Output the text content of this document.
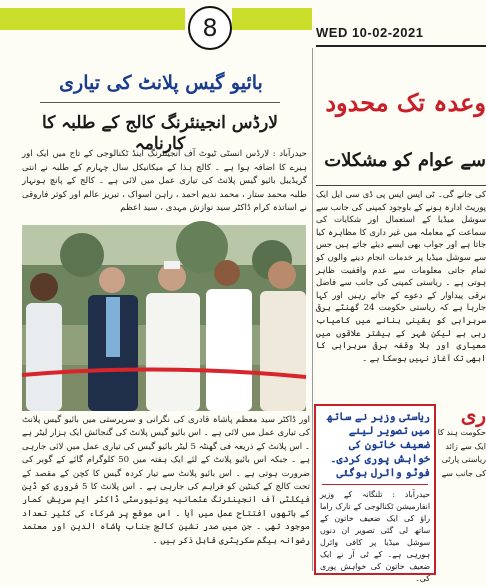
8	WED 10-02-2021
بائیو گیس پلانٹ کی تیاری
لارڈس انجینئرنگ کالج کے طلبہ کا کارنامہ
حیدرآباد : لارڈس انسٹی ٹیوٹ آف انجینئرنگ اینڈ ٹکنالوجی کے تاج میں ایک اور ہیرے کا اضافہ ہوا ہے ۔ کالج ہذا کے میکانیکل سال چہارم کے طلبہ نے انتی گریڈیبل بائیو گیس پلانٹ کی تیاری عمل میں لائی ہے ۔ کالج کے پانچ ہونہار طلبہ محمد ستار ، محمد ندیم احمد ، راہن اسواک ، تبریز عالم اور کوثر فاروقی نے اساتذہ کرام ڈاکٹر سید نوازش مہدی ، سید اعظم
اور ڈاکٹر سید معظم پاشاہ قادری کی نگرانی و سرپرستی میں بائیو گیس پلانٹ کی تیاری عمل میں لائی ہے ۔ اس بائیو گیس پلانٹ کی گنجائش ایک ہزار لیٹر ہے ۔ اس پلانٹ کے ذریعہ فی گھنٹہ 5 لیٹر بائیو گیس کی تیاری عمل میں لائی جارہی ہے ۔ جبکہ اس بائیو پلانٹ کے لئے ایک ہفتہ میں 50 کلوگرام گائے کے گوبر کی ضرورت ہوتی ہے ۔ اس بائیو پلانٹ سے تیار کردہ گیس کا کچن کے مقصد کے تحت کالج کے کینٹین کو فراہم کی جارہی ہے ۔ اس پلانٹ کا 5 فروری کو ڈین فیکلٹی آف انجینئرنگ عثمانیہ یونیورسٹی ڈاکٹر ایم سریش کمار کے ہاتھوں افتتاح عمل میں آیا ۔ اس موقع پر شرکاء کی کثیر تعداد موجود تھی ۔ جن میں صدر نشین کالج جناب پاشاہ الدین اور معتمد رضوانہ بیگم سکریٹری قابل ذکر ہیں ۔
وعدہ تک محدود
سے عوام کو مشکلات
کی جانے گی۔ ٹی ایس ایس پی ڈی سی ایل ایک پوریٹ ادارہ ہونے کے باوجود کمپنی کی جانب سے سوشل میڈیا کے استعمال اور شکایات کی سماعت کے معاملہ میں غیر داری کا مظاہرہ کیا جاتا ہے اور جواب بھی ایسے دیئے جاتے ہیں جس سے سوشل میڈیا پر خدمات انجام دینے والوں کو تمام جاتی معلومات سے عدم واقفیت ظاہر ہوتی ہے ۔ ریاستی کمپنی کی جانب سے فاضل برقی پیداوار کے دعوے کے جاتے رہیں اور کہا جارہا ہے کہ ریاستی حکومت 24 گھنٹے برقی سربراہی کو یقینی بنانے میں کامیاب رہی ہے لیکن شہر کے بیشتر علاقوں میں معیاری اور بلا وقفہ برقی سربراہی کا ابھی تک آغاز نہیں ہوسکا ہے ۔
ریاستی وزیر نے ساتھ میں تصویر لینے ضعیف خاتون کی خواہش پوری کردی۔ فوٹو وائرل ہوگئی
حیدرآباد : تلنگانہ کے وزیر انفارمیشن ٹکنالوجی کے تارک راما راؤ کی ایک ضعیف خاتون کے ساتھ لی گئی تصویر ان دنوں سوشل میڈیا پر کافی وائرل ہورہی ہے۔ کے ٹی آر نے ایک ضعیف خاتون کی خواہش پوری کی۔
ری
حکومت ہند کا ایک سے زائد ریاستی پارٹی کی جانب سے
